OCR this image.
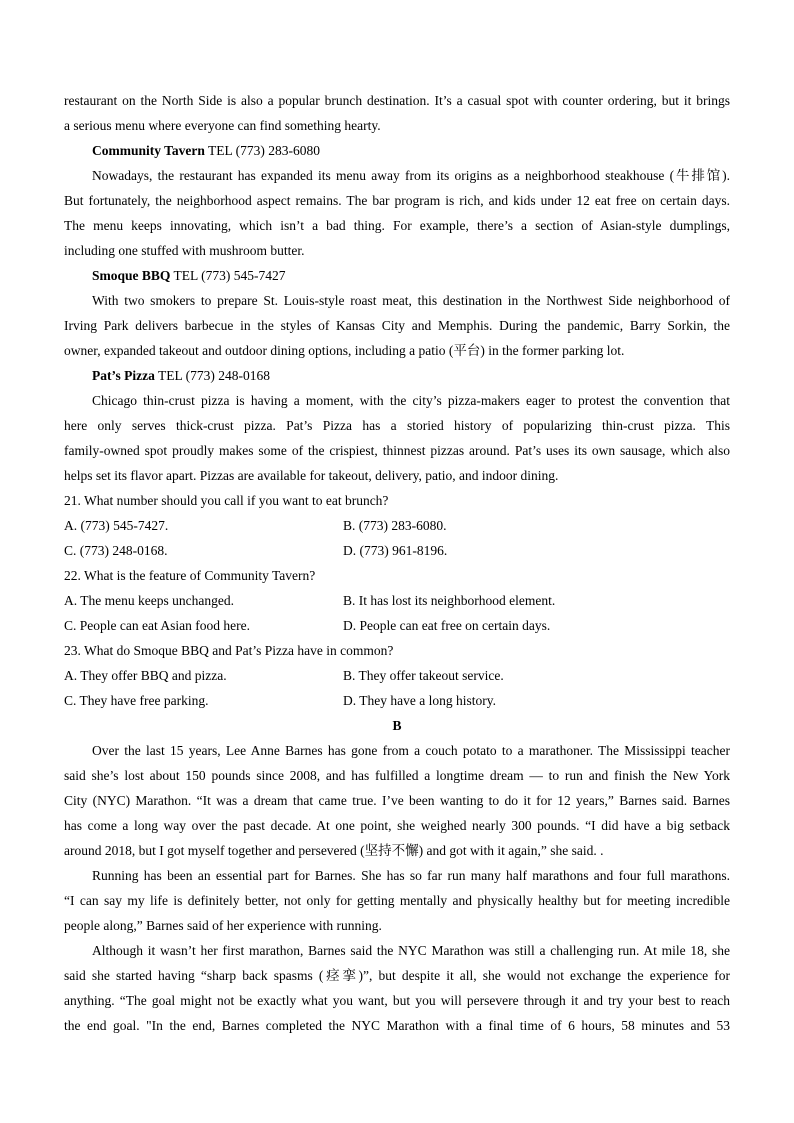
restaurant on the North Side is also a popular brunch destination. It’s a casual spot with counter ordering, but it brings
a serious menu where everyone can find something hearty.
Community Tavern TEL (773) 283-6080
Nowadays, the restaurant has expanded its menu away from its origins as a neighborhood steakhouse (牛排馆).
But fortunately, the neighborhood aspect remains. The bar program is rich, and kids under 12 eat free on certain days.
The menu keeps innovating, which isn’t a bad thing. For example, there’s a section of Asian-style dumplings,
including one stuffed with mushroom butter.
Smoque BBQ TEL (773) 545-7427
With two smokers to prepare St. Louis-style roast meat, this destination in the Northwest Side neighborhood of
Irving Park delivers barbecue in the styles of Kansas City and Memphis. During the pandemic, Barry Sorkin, the
owner, expanded takeout and outdoor dining options, including a patio (平台) in the former parking lot.
Pat’s Pizza TEL (773) 248-0168
Chicago thin-crust pizza is having a moment, with the city’s pizza-makers eager to protest the convention that
here only serves thick-crust pizza. Pat’s Pizza has a storied history of popularizing thin-crust pizza. This
family-owned spot proudly makes some of the crispiest, thinnest pizzas around. Pat’s uses its own sausage, which also
helps set its flavor apart. Pizzas are available for takeout, delivery, patio, and indoor dining.
21. What number should you call if you want to eat brunch?
A. (773) 545-7427.	B. (773) 283-6080.
C. (773) 248-0168.	D. (773) 961-8196.
22. What is the feature of Community Tavern?
A. The menu keeps unchanged.	B. It has lost its neighborhood element.
C. People can eat Asian food here.	D. People can eat free on certain days.
23. What do Smoque BBQ and Pat’s Pizza have in common?
A. They offer BBQ and pizza.	B. They offer takeout service.
C. They have free parking.	D. They have a long history.
B
Over the last 15 years, Lee Anne Barnes has gone from a couch potato to a marathoner. The Mississippi teacher
said she’s lost about 150 pounds since 2008, and has fulfilled a longtime dream — to run and finish the New York
City (NYC) Marathon. “It was a dream that came true. I’ve been wanting to do it for 12 years,” Barnes said. Barnes
has come a long way over the past decade. At one point, she weighed nearly 300 pounds. “I did have a big setback
around 2018, but I got myself together and persevered (坚持不懈) and got with it again,” she said. .
Running has been an essential part for Barnes. She has so far run many half marathons and four full marathons.
“I can say my life is definitely better, not only for getting mentally and physically healthy but for meeting incredible
people along,” Barnes said of her experience with running.
Although it wasn’t her first marathon, Barnes said the NYC Marathon was still a challenging run. At mile 18, she
said she started having “sharp back spasms (痉挛)”, but despite it all, she would not exchange the experience for
anything. “The goal might not be exactly what you want, but you will persevere through it and try your best to reach
the end goal. "In the end, Barnes completed the NYC Marathon with a final time of 6 hours, 58 minutes and 53
